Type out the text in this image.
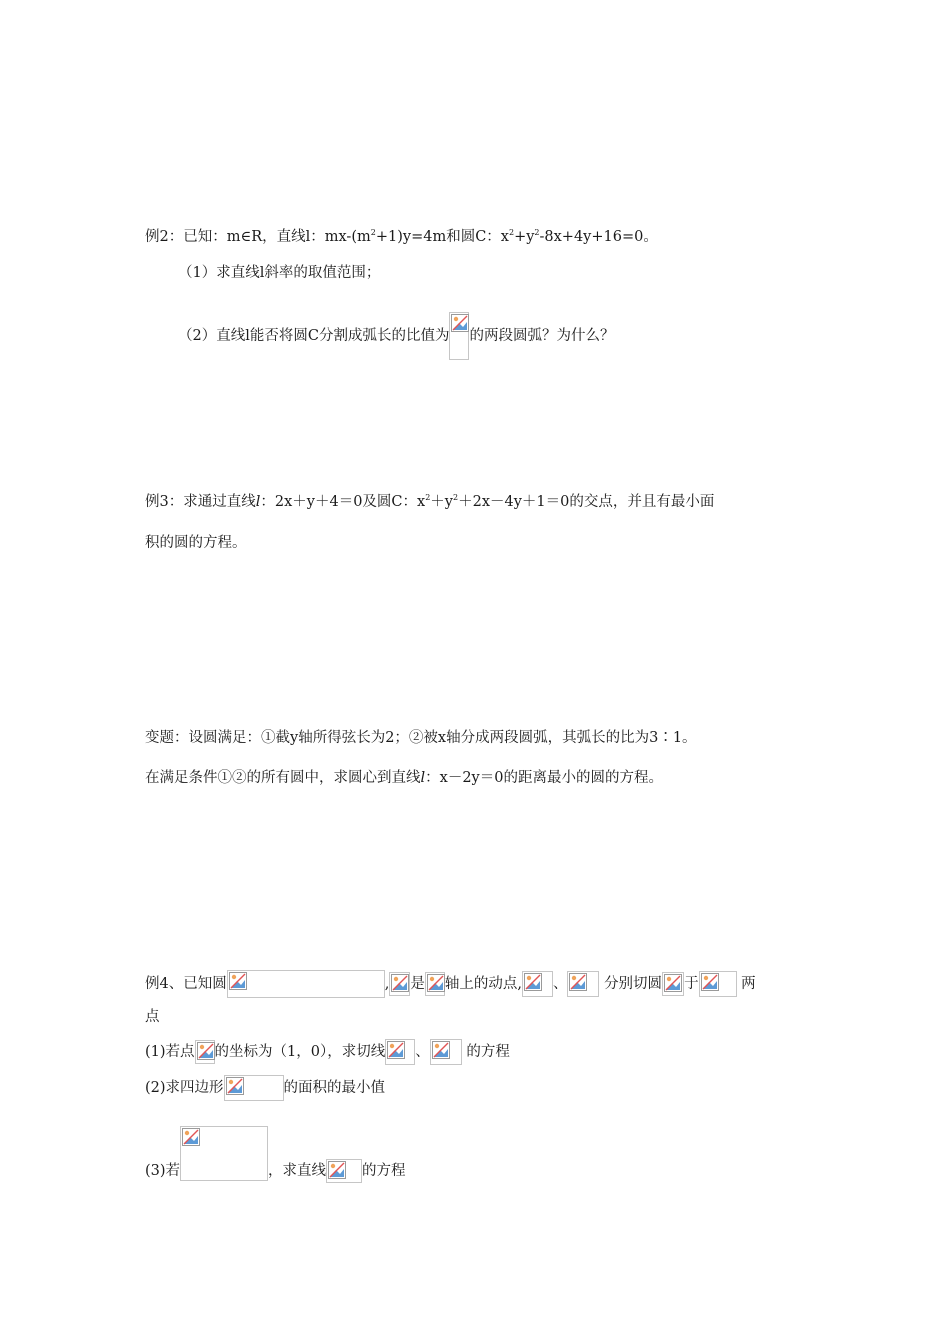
例2：已知：m∈R，直线l：$mx-(m^2+1)y=4m$和圆C：$x^2+y^2-8x+4y+16=0$。
（1）求直线l斜率的取值范围；
（2）直线l能否将圆C分割成弧长的比值为 的两段圆弧？为什么？
例3：求通过直线l：2x＋y＋4＝0及圆C：$x^2+y^2+2x-4y+1=0$的交点，并且有最小面
积的圆的方程。
变题：设圆满足：①截y轴所得弦长为2；②被x轴分成两段圆弧，其弧长的比为3∶1。
在满足条件①②的所有圆中，求圆心到直线l：x－2y＝0的距离最小的圆的方程。
例4、已知圆	, 是 轴上的动点, 、	分别切圆 于	两
点
(1)若点 的坐标为（1，0），求切线 、	的方程
(2)求四边形	的面积的最小值
(3)若	，求直线 的方程
